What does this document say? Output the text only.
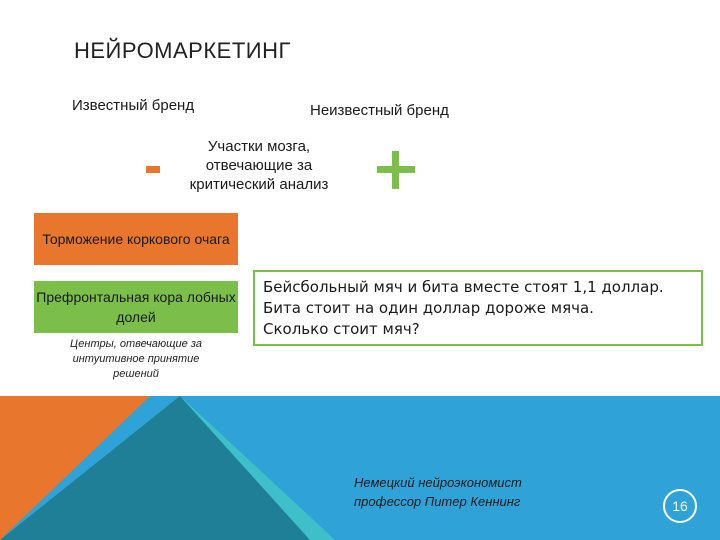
НЕЙРОМАРКЕТИНГ
Известный бренд	Неизвестный бренд
Участки мозга, отвечающие за критический анализ
Торможение коркового очага
Префронтальная кора лобных долей
Центры, отвечающие за интуитивное принятие решений
Бейсбольный мяч и бита вместе стоят 1,1 доллар.
Бита стоит на один доллар дороже мяча.
Сколько стоит мяч?
Немецкий нейроэкономист
профессор Питер Кеннинг	16
